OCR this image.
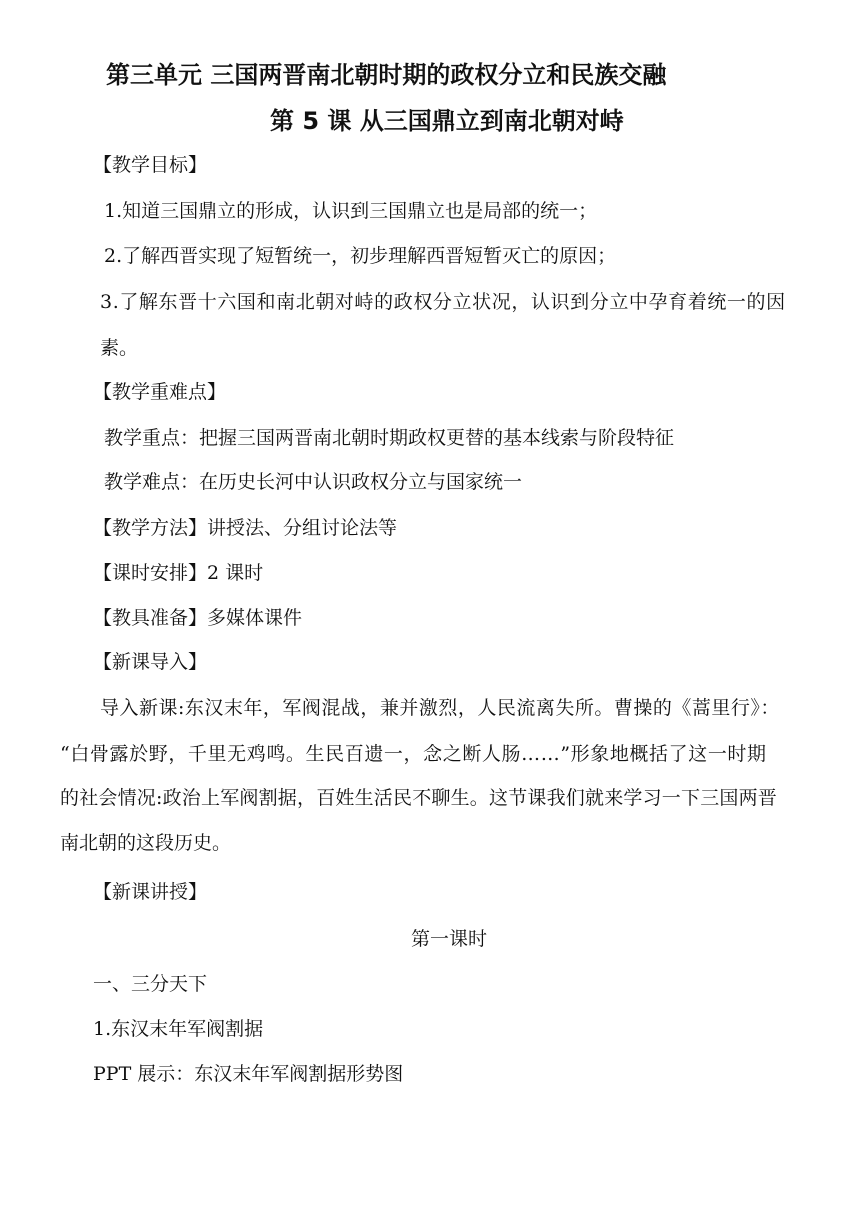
第三单元 三国两晋南北朝时期的政权分立和民族交融
第 5 课 从三国鼎立到南北朝对峙
【教学目标】
1.知道三国鼎立的形成，认识到三国鼎立也是局部的统一；
2.了解西晋实现了短暂统一，初步理解西晋短暂灭亡的原因；
3.了解东晋十六国和南北朝对峙的政权分立状况，认识到分立中孕育着统一的因
素。
【教学重难点】
教学重点：把握三国两晋南北朝时期政权更替的基本线索与阶段特征
教学难点：在历史长河中认识政权分立与国家统一
【教学方法】讲授法、分组讨论法等
【课时安排】2 课时
【教具准备】多媒体课件
【新课导入】
导入新课:东汉末年，军阀混战，兼并激烈，人民流离失所。曹操的《蒿里行》：
“白骨露於野，千里无鸡鸣。生民百遗一，念之断人肠……”形象地概括了这一时期
的社会情况:政治上军阀割据，百姓生活民不聊生。这节课我们就来学习一下三国两晋
南北朝的这段历史。
【新课讲授】
第一课时
一、三分天下
1.东汉末年军阀割据
PPT 展示：东汉末年军阀割据形势图
